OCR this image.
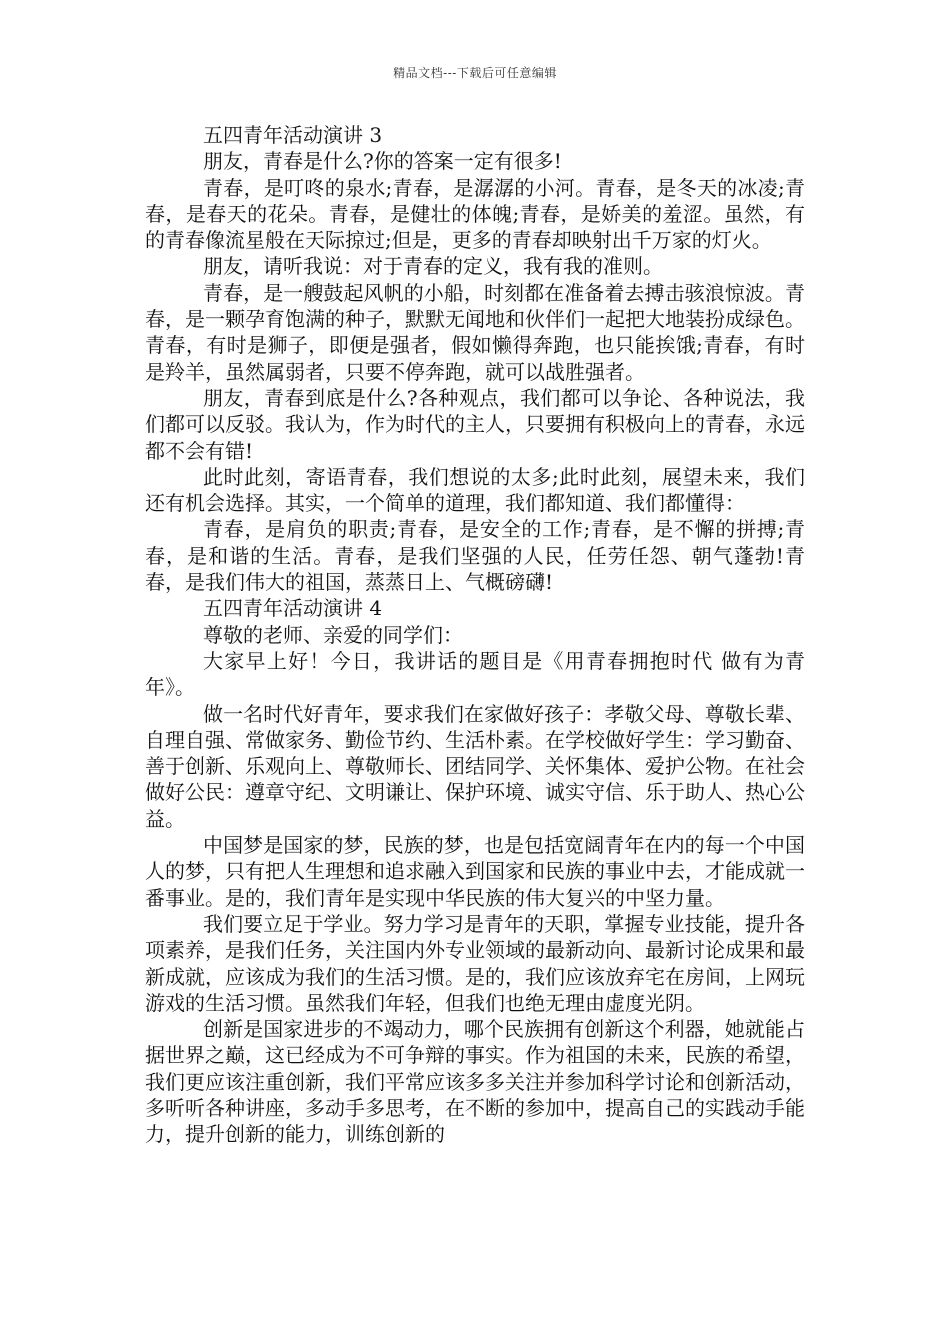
精品文档---下载后可任意编辑

五四青年活动演讲 3

朋友，青春是什么?你的答案一定有很多!

青春，是叮咚的泉水;青春，是潺潺的小河。青春，是冬天的冰凌;青春，是春天的花朵。青春，是健壮的体魄;青春，是娇美的羞涩。虽然，有的青春像流星般在天际掠过;但是，更多的青春却映射出千万家的灯火。

朋友，请听我说：对于青春的定义，我有我的准则。

青春，是一艘鼓起风帆的小船，时刻都在准备着去搏击骇浪惊波。青春，是一颗孕育饱满的种子，默默无闻地和伙伴们一起把大地装扮成绿色。青春，有时是狮子，即便是强者，假如懒得奔跑，也只能挨饿;青春，有时是羚羊，虽然属弱者，只要不停奔跑，就可以战胜强者。

朋友，青春到底是什么?各种观点，我们都可以争论、各种说法，我们都可以反驳。我认为，作为时代的主人，只要拥有积极向上的青春，永远都不会有错!

此时此刻，寄语青春，我们想说的太多;此时此刻，展望未来，我们还有机会选择。其实，一个简单的道理，我们都知道、我们都懂得：

青春，是肩负的职责;青春，是安全的工作;青春，是不懈的拼搏;青春，是和谐的生活。青春，是我们坚强的人民，任劳任怨、朝气蓬勃!青春，是我们伟大的祖国，蒸蒸日上、气概磅礴!

五四青年活动演讲 4

尊敬的老师、亲爱的同学们：

大家早上好！今日，我讲话的题目是《用青春拥抱时代 做有为青年》。

做一名时代好青年，要求我们在家做好孩子：孝敬父母、尊敬长辈、自理自强、常做家务、勤俭节约、生活朴素。在学校做好学生：学习勤奋、善于创新、乐观向上、尊敬师长、团结同学、关怀集体、爱护公物。在社会做好公民：遵章守纪、文明谦让、保护环境、诚实守信、乐于助人、热心公益。

中国梦是国家的梦，民族的梦，也是包括宽阔青年在内的每一个中国人的梦，只有把人生理想和追求融入到国家和民族的事业中去，才能成就一番事业。是的，我们青年是实现中华民族的伟大复兴的中坚力量。

我们要立足于学业。努力学习是青年的天职，掌握专业技能，提升各项素养，是我们任务，关注国内外专业领域的最新动向、最新讨论成果和最新成就，应该成为我们的生活习惯。是的，我们应该放弃宅在房间，上网玩游戏的生活习惯。虽然我们年轻，但我们也绝无理由虚度光阴。

创新是国家进步的不竭动力，哪个民族拥有创新这个利器，她就能占据世界之巅，这已经成为不可争辩的事实。作为祖国的未来，民族的希望，我们更应该注重创新，我们平常应该多多关注并参加科学讨论和创新活动，多听听各种讲座，多动手多思考，在不断的参加中，提高自己的实践动手能力，提升创新的能力，训练创新的
